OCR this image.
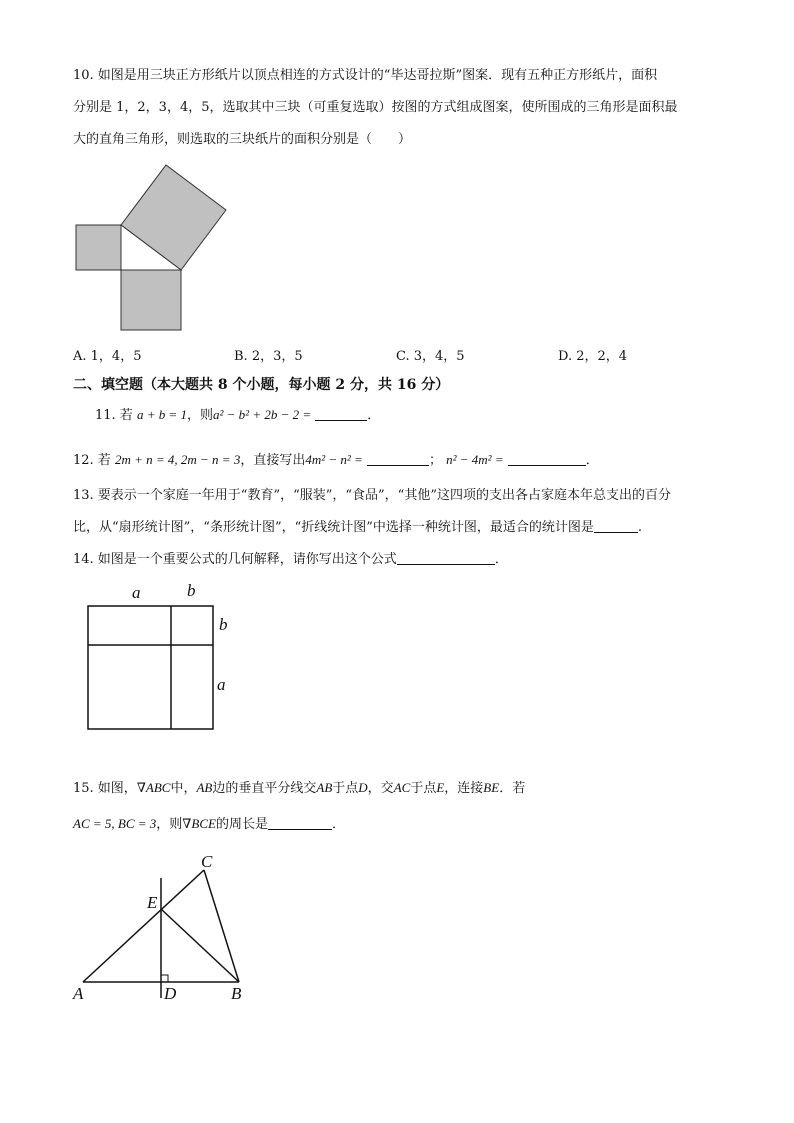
10. 如图是用三块正方形纸片以顶点相连的方式设计的“毕达哥拉斯”图案．现有五种正方形纸片，面积
分别是 1，2，3，4，5，选取其中三块（可重复选取）按图的方式组成图案，使所围成的三角形是面积最
大的直角三角形，则选取的三块纸片的面积分别是（　　）
a	b
b
a
A	D	B
E
C
A. 1，4，5	B. 2，3，5	C. 3，4，5	D. 2，2，4
二、填空题（本大题共 8 个小题，每小题 2 分，共 16 分）
11. 若 a + b = 1，则a² − b² + 2b − 2 =	．
12. 若 2m + n = 4, 2m − n = 3，直接写出4m² − n² =	； n² − 4m² =	．
13. 要表示一个家庭一年用于“教育”，“服装”，“食品”，“其他”这四项的支出各占家庭本年总支出的百分
比，从“扇形统计图”，“条形统计图”，“折线统计图”中选择一种统计图，最适合的统计图是	.
14. 如图是一个重要公式的几何解释，请你写出这个公式	．
15. 如图，∇ABC中，AB边的垂直平分线交AB于点D，交AC于点E，连接BE．若
AC = 5, BC = 3，则∇BCE的周长是	．
